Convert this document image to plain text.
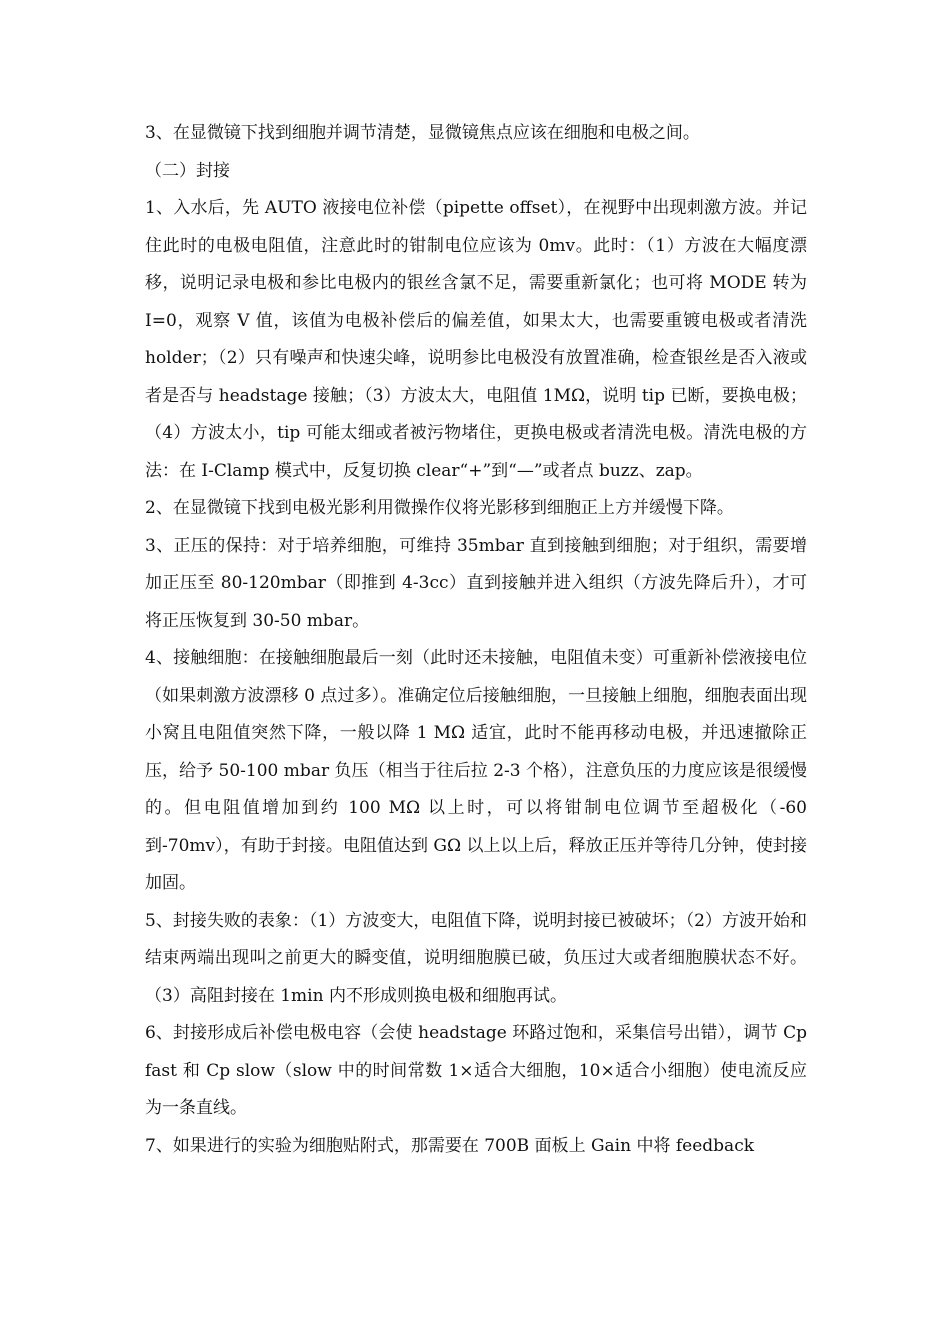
3、在显微镜下找到细胞并调节清楚，显微镜焦点应该在细胞和电极之间。

（二）封接

1、入水后，先 AUTO 液接电位补偿（pipette offset），在视野中出现刺激方波。并记住此时的电极电阻值，注意此时的钳制电位应该为 0mv。此时：（1）方波在大幅度漂移，说明记录电极和参比电极内的银丝含氯不足，需要重新氯化；也可将 MODE 转为 I=0，观察 V 值，该值为电极补偿后的偏差值，如果太大，也需要重镀电极或者清洗 holder；（2）只有噪声和快速尖峰，说明参比电极没有放置准确，检查银丝是否入液或者是否与 headstage 接触；（3）方波太大，电阻值 1MΩ，说明 tip 已断，要换电极；（4）方波太小，tip 可能太细或者被污物堵住，更换电极或者清洗电极。清洗电极的方法：在 I-Clamp 模式中，反复切换 clear“+”到“—”或者点 buzz、zap。

2、在显微镜下找到电极光影利用微操作仪将光影移到细胞正上方并缓慢下降。

3、正压的保持：对于培养细胞，可维持 35mbar 直到接触到细胞；对于组织，需要增加正压至 80-120mbar（即推到 4-3cc）直到接触并进入组织（方波先降后升），才可将正压恢复到 30-50 mbar。

4、接触细胞：在接触细胞最后一刻（此时还未接触，电阻值未变）可重新补偿液接电位（如果刺激方波漂移 0 点过多）。准确定位后接触细胞，一旦接触上细胞，细胞表面出现小窝且电阻值突然下降，一般以降 1 MΩ 适宜，此时不能再移动电极，并迅速撤除正压，给予 50-100 mbar 负压（相当于往后拉 2-3 个格），注意负压的力度应该是很缓慢的。但电阻值增加到约 100 MΩ 以上时，可以将钳制电位调节至超极化（-60 到-70mv），有助于封接。电阻值达到 GΩ 以上以上后，释放正压并等待几分钟，使封接加固。

5、封接失败的表象：（1）方波变大，电阻值下降，说明封接已被破坏；（2）方波开始和结束两端出现叫之前更大的瞬变值，说明细胞膜已破，负压过大或者细胞膜状态不好。（3）高阻封接在 1min 内不形成则换电极和细胞再试。

6、封接形成后补偿电极电容（会使 headstage 环路过饱和，采集信号出错），调节 Cp fast 和 Cp slow（slow 中的时间常数 1×适合大细胞，10×适合小细胞）使电流反应为一条直线。

7、如果进行的实验为细胞贴附式，那需要在 700B 面板上 Gain 中将 feedback
